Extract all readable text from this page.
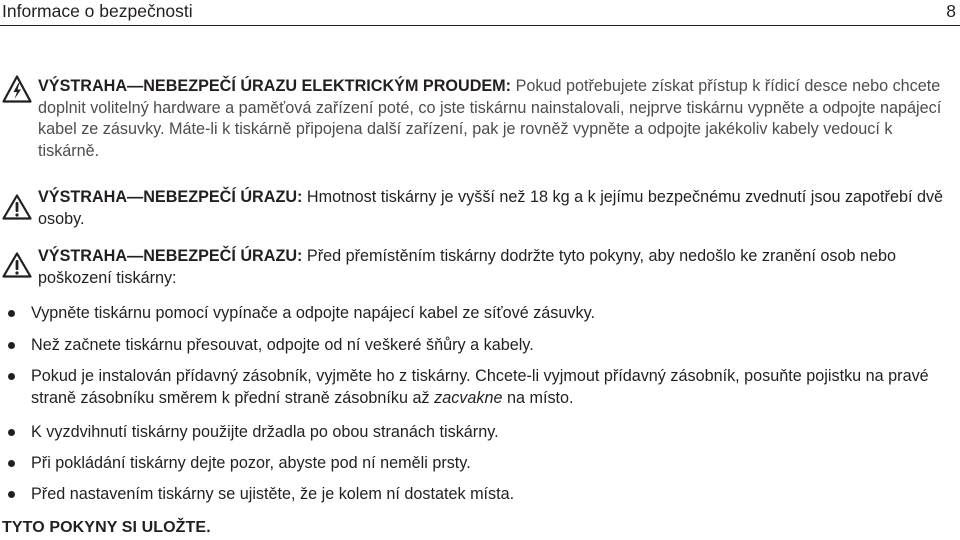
Informace o bezpečnosti	8
VÝSTRAHA—NEBEZPEČÍ ÚRAZU ELEKTRICKÝM PROUDEM: Pokud potřebujete získat přístup k řídicí desce nebo chcete doplnit volitelný hardware a paměťová zařízení poté, co jste tiskárnu nainstalovali, nejprve tiskárnu vypněte a odpojte napájecí kabel ze zásuvky. Máte-li k tiskárně připojena další zařízení, pak je rovněž vypněte a odpojte jakékoliv kabely vedoucí k tiskárně.
VÝSTRAHA—NEBEZPEČÍ ÚRAZU: Hmotnost tiskárny je vyšší než 18 kg a k jejímu bezpečnému zvednutí jsou zapotřebí dvě osoby.
VÝSTRAHA—NEBEZPEČÍ ÚRAZU: Před přemístěním tiskárny dodržte tyto pokyny, aby nedošlo ke zranění osob nebo poškození tiskárny:
Vypněte tiskárnu pomocí vypínače a odpojte napájecí kabel ze síťové zásuvky.
Než začnete tiskárnu přesouvat, odpojte od ní veškeré šňůry a kabely.
Pokud je instalován přídavný zásobník, vyjměte ho z tiskárny. Chcete-li vyjmout přídavný zásobník, posuňte pojistku na pravé straně zásobníku směrem k přední straně zásobníku až zacvakne na místo.
K vyzdvihnutí tiskárny použijte držadla po obou stranách tiskárny.
Při pokládání tiskárny dejte pozor, abyste pod ní neměli prsty.
Před nastavením tiskárny se ujistěte, že je kolem ní dostatek místa.
TYTO POKYNY SI ULOŽTE.
